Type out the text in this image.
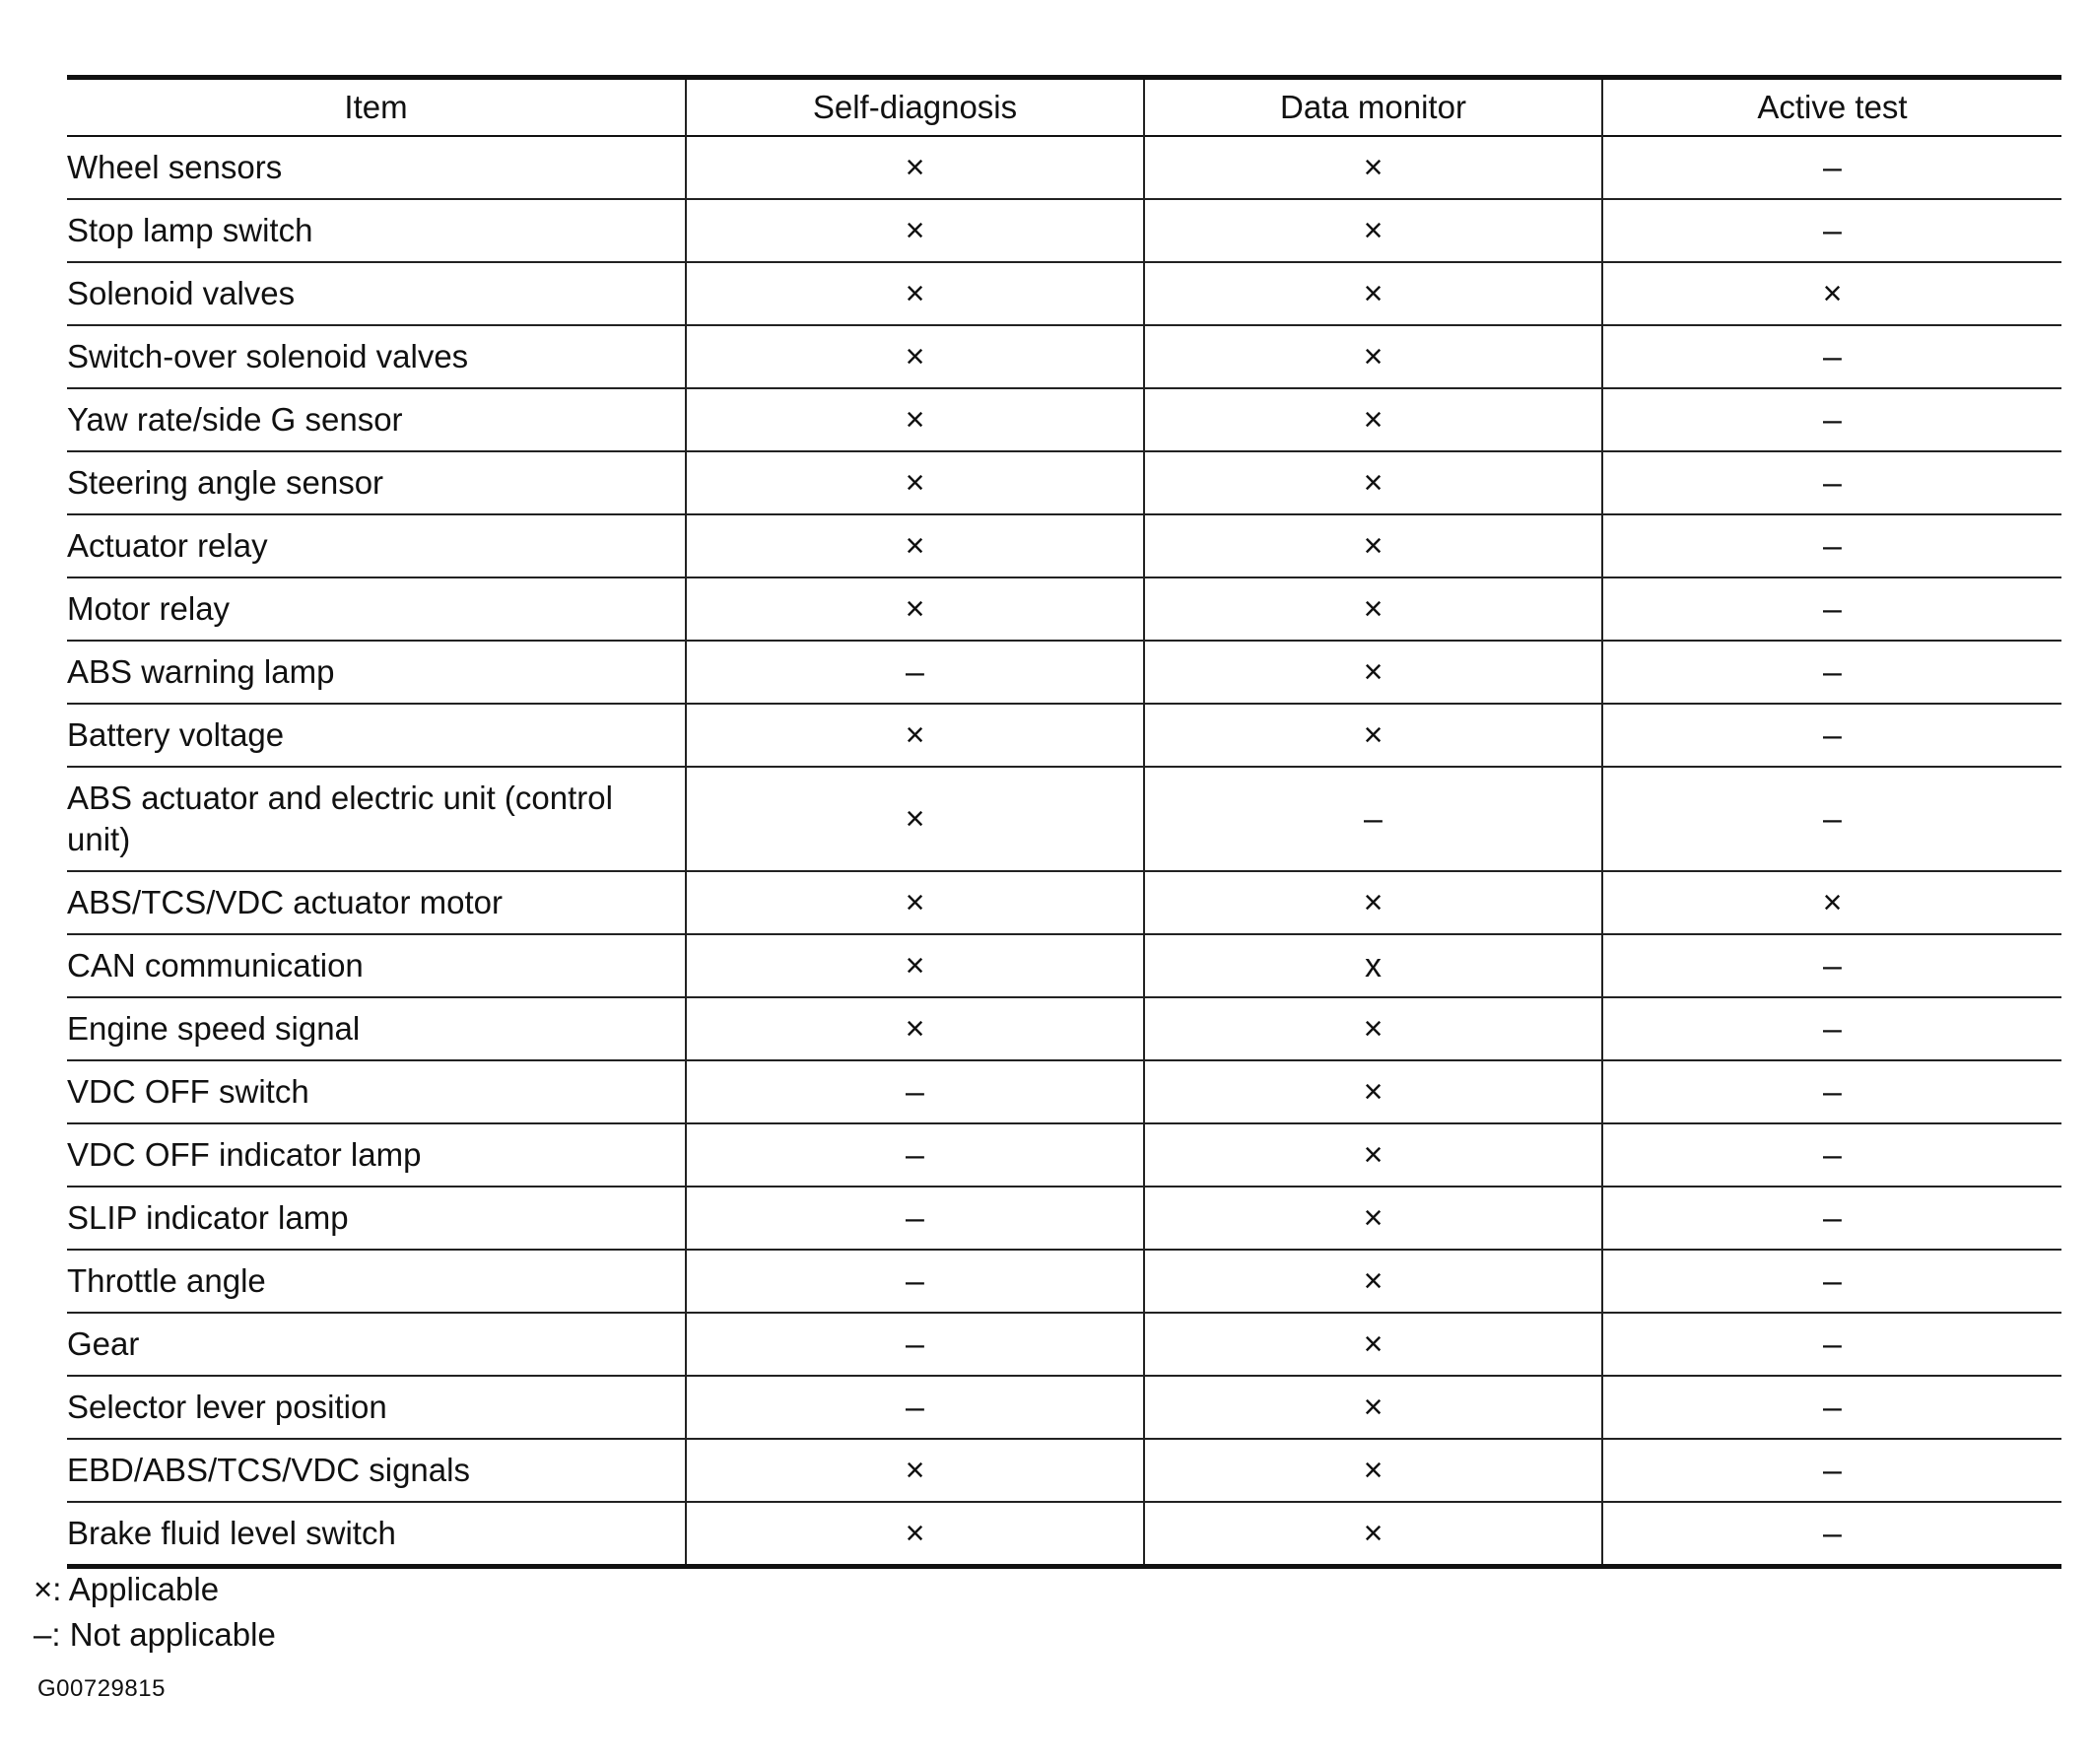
Item	Self-diagnosis	Data monitor	Active test
Wheel sensors	×	×	–
Stop lamp switch	×	×	–
Solenoid valves	×	×	×
Switch-over solenoid valves	×	×	–
Yaw rate/side G sensor	×	×	–
Steering angle sensor	×	×	–
Actuator relay	×	×	–
Motor relay	×	×	–
ABS warning lamp	–	×	–
Battery voltage	×	×	–
ABS actuator and electric unit (control unit)	×	–	–
ABS/TCS/VDC actuator motor	×	×	×
CAN communication	×	x	–
Engine speed signal	×	×	–
VDC OFF switch	–	×	–
VDC OFF indicator lamp	–	×	–
SLIP indicator lamp	–	×	–
Throttle angle	–	×	–
Gear	–	×	–
Selector lever position	–	×	–
EBD/ABS/TCS/VDC signals	×	×	–
Brake fluid level switch	×	×	–
×: Applicable
–: Not applicable
G00729815
